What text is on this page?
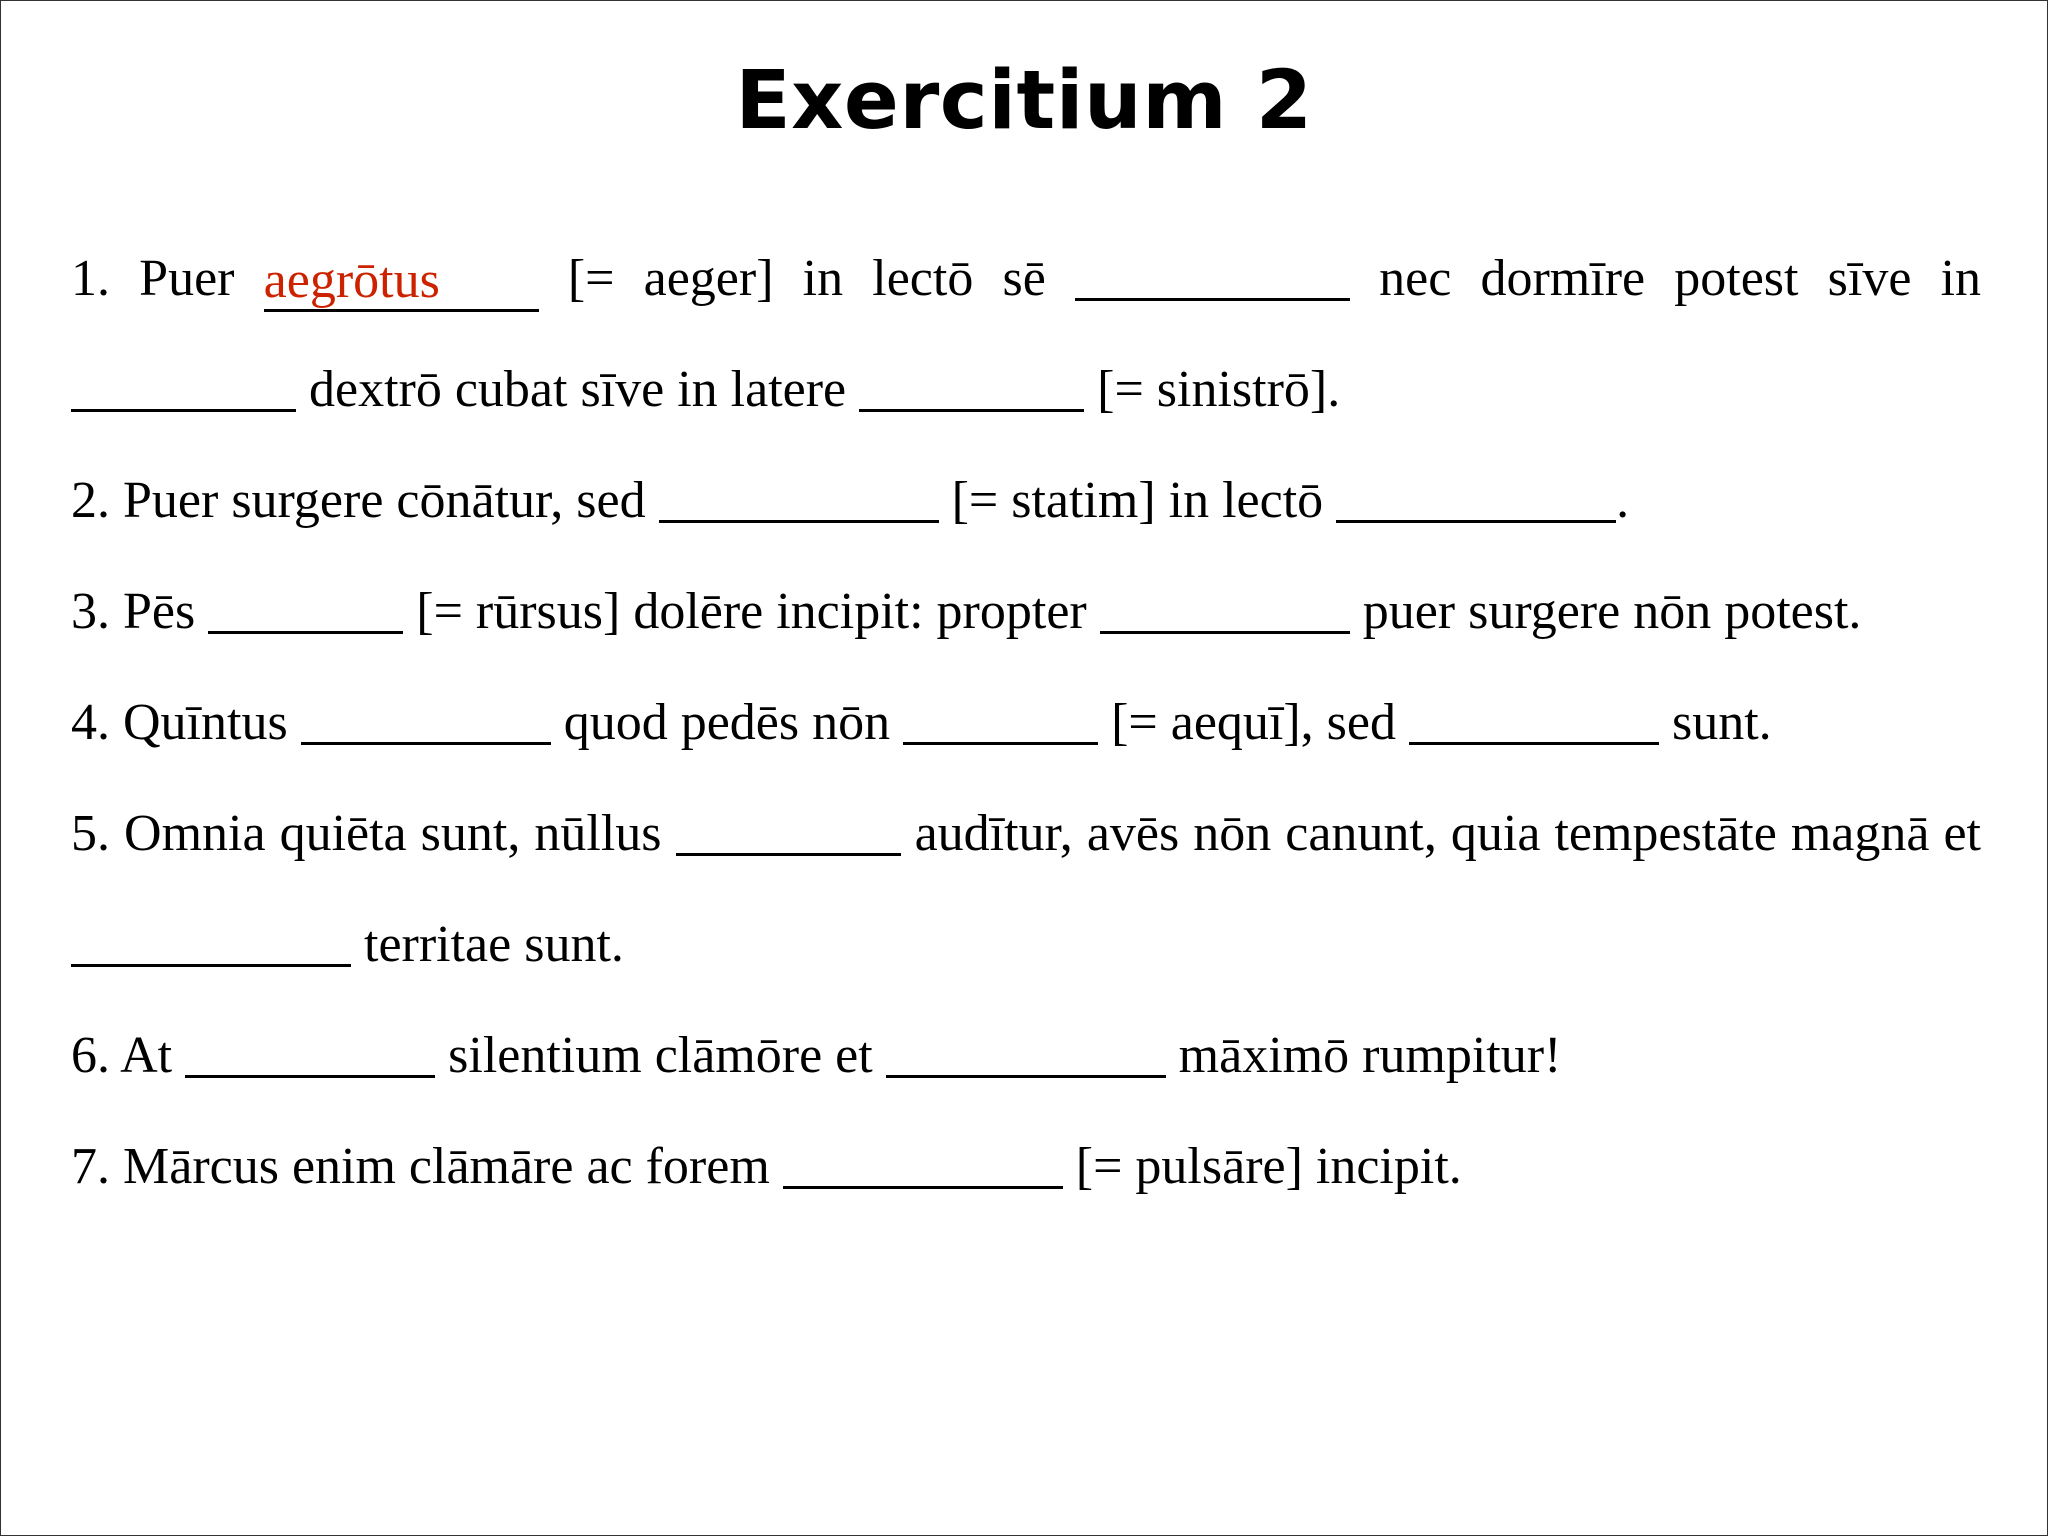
Exercitium 2

1. Puer aegrōtus [= aeger] in lectō sē	nec dormīre potest sīve in  dextrō cubat sīve in latere	[= sinistrō].

2. Puer surgere cōnātur, sed	[= statim] in lectō	.

3. Pēs	[= rūrsus] dolēre incipit: propter	puer surgere nōn potest.

4. Quīntus	quod pedēs nōn	[= aequī], sed	sunt.

5. Omnia quiēta sunt, nūllus	audītur, avēs nōn canunt, quia tempestāte magnā et  territae sunt.

6. At	silentium clāmōre et	māximō rumpitur!

7. Mārcus enim clāmāre ac forem	[= pulsāre] incipit.
